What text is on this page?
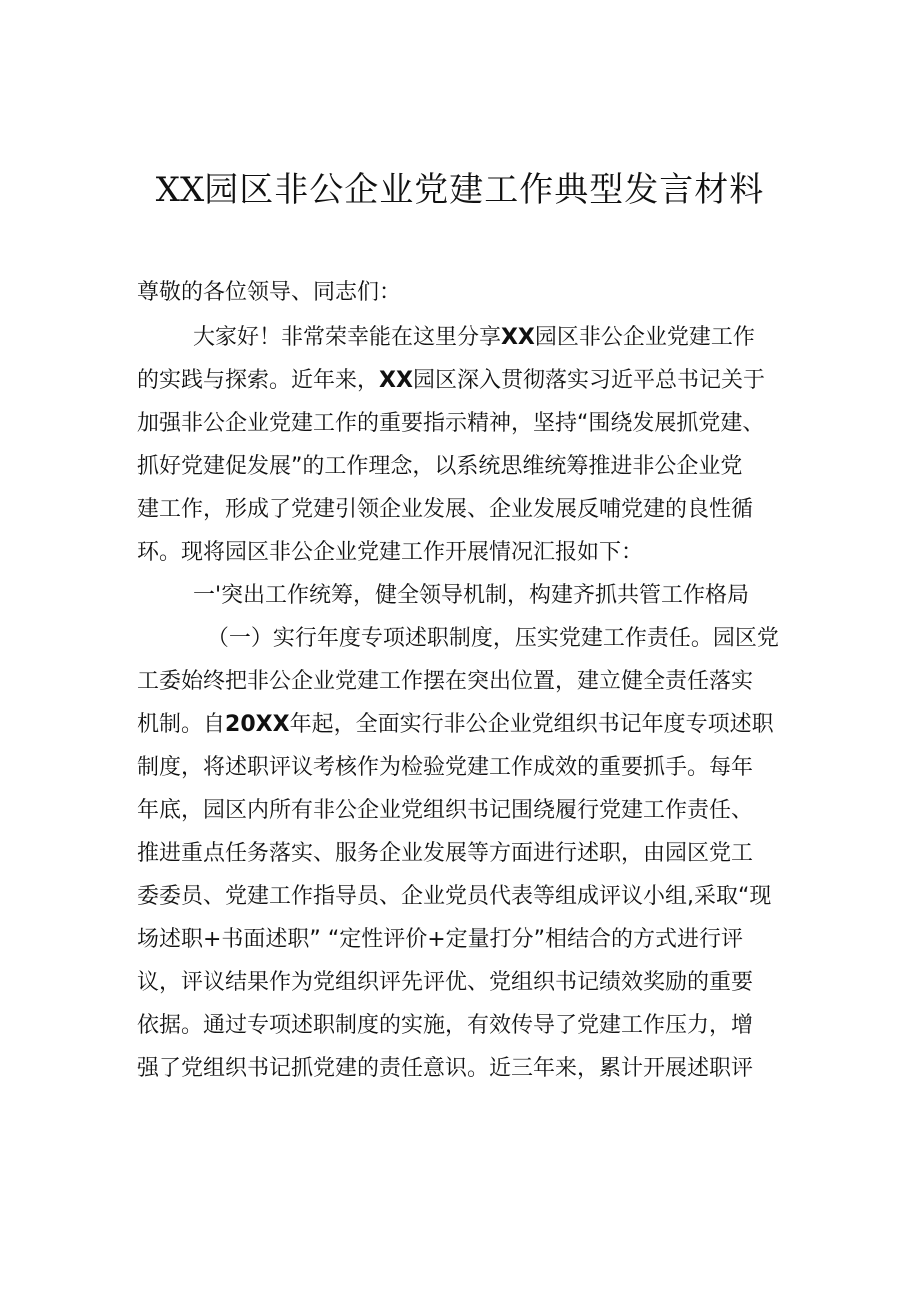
XX园区非公企业党建工作典型发言材料
尊敬的各位领导、同志们：
大家好！非常荣幸能在这里分享XX园区非公企业党建工作
的实践与探索。近年来，XX园区深入贯彻落实习近平总书记关于
加强非公企业党建工作的重要指示精神，坚持“围绕发展抓党建、
抓好党建促发展”的工作理念，以系统思维统筹推进非公企业党
建工作，形成了党建引领企业发展、企业发展反哺党建的良性循
环。现将园区非公企业党建工作开展情况汇报如下：
一'突出工作统筹，健全领导机制，构建齐抓共管工作格局
（一）实行年度专项述职制度，压实党建工作责任。园区党
工委始终把非公企业党建工作摆在突出位置，建立健全责任落实
机制。自20XX年起，全面实行非公企业党组织书记年度专项述职
制度，将述职评议考核作为检验党建工作成效的重要抓手。每年
年底，园区内所有非公企业党组织书记围绕履行党建工作责任、
推进重点任务落实、服务企业发展等方面进行述职，由园区党工
委委员、党建工作指导员、企业党员代表等组成评议小组,采取“现
场述职+书面述职” “定性评价+定量打分”相结合的方式进行评
议，评议结果作为党组织评先评优、党组织书记绩效奖励的重要
依据。通过专项述职制度的实施，有效传导了党建工作压力，增
强了党组织书记抓党建的责任意识。近三年来，累计开展述职评
